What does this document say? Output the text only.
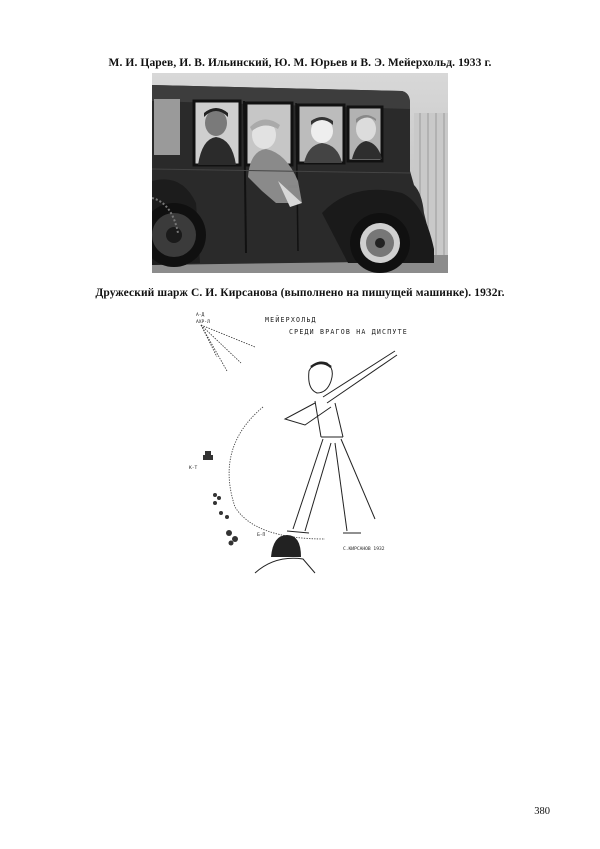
М. И. Царев, И. В. Ильинский, Ю. М. Юрьев и В. Э. Мейерхольд. 1933 г.
Дружеский шарж С. И. Кирсанова (выполнено на пишущей машинке). 1932г.
МЕЙЕРХОЛЬД
СРЕДИ ВРАГОВ НА ДИСПУТЕ
А-Д
АХР-Л
К-Т
Б-П
С.КИРСАНОВ 1932
380
